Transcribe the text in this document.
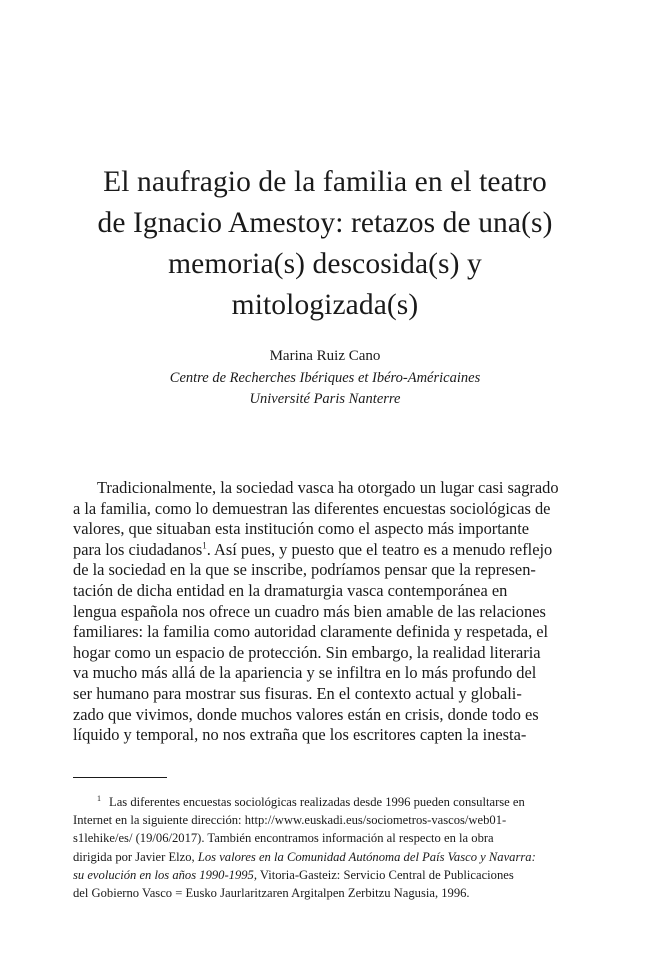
El naufragio de la familia en el teatro
de Ignacio Amestoy: retazos de una(s)
memoria(s) descosida(s) y
mitologizada(s)
Marina Ruiz Cano
Centre de Recherches Ibériques et Ibéro-Américaines
Université Paris Nanterre
Tradicionalmente, la sociedad vasca ha otorgado un lugar casi sagrado
a la familia, como lo demuestran las diferentes encuestas sociológicas de
valores, que situaban esta institución como el aspecto más importante
para los ciudadanos$^1$. Así pues, y puesto que el teatro es a menudo reflejo
de la sociedad en la que se inscribe, podríamos pensar que la represen-
tación de dicha entidad en la dramaturgia vasca contemporánea en
lengua española nos ofrece un cuadro más bien amable de las relaciones
familiares: la familia como autoridad claramente definida y respetada, el
hogar como un espacio de protección. Sin embargo, la realidad literaria
va mucho más allá de la apariencia y se infiltra en lo más profundo del
ser humano para mostrar sus fisuras. En el contexto actual y globali-
zado que vivimos, donde muchos valores están en crisis, donde todo es
líquido y temporal, no nos extraña que los escritores capten la inesta-
$^1$ Las diferentes encuestas sociológicas realizadas desde 1996 pueden consultarse en
Internet en la siguiente dirección: http://www.euskadi.eus/sociometros-vascos/web01-
s1lehike/es/ (19/06/2017). También encontramos información al respecto en la obra
dirigida por Javier Elzo, Los valores en la Comunidad Autónoma del País Vasco y Navarra:
su evolución en los años 1990-1995, Vitoria-Gasteiz: Servicio Central de Publicaciones
del Gobierno Vasco = Eusko Jaurlaritzaren Argitalpen Zerbitzu Nagusia, 1996.
